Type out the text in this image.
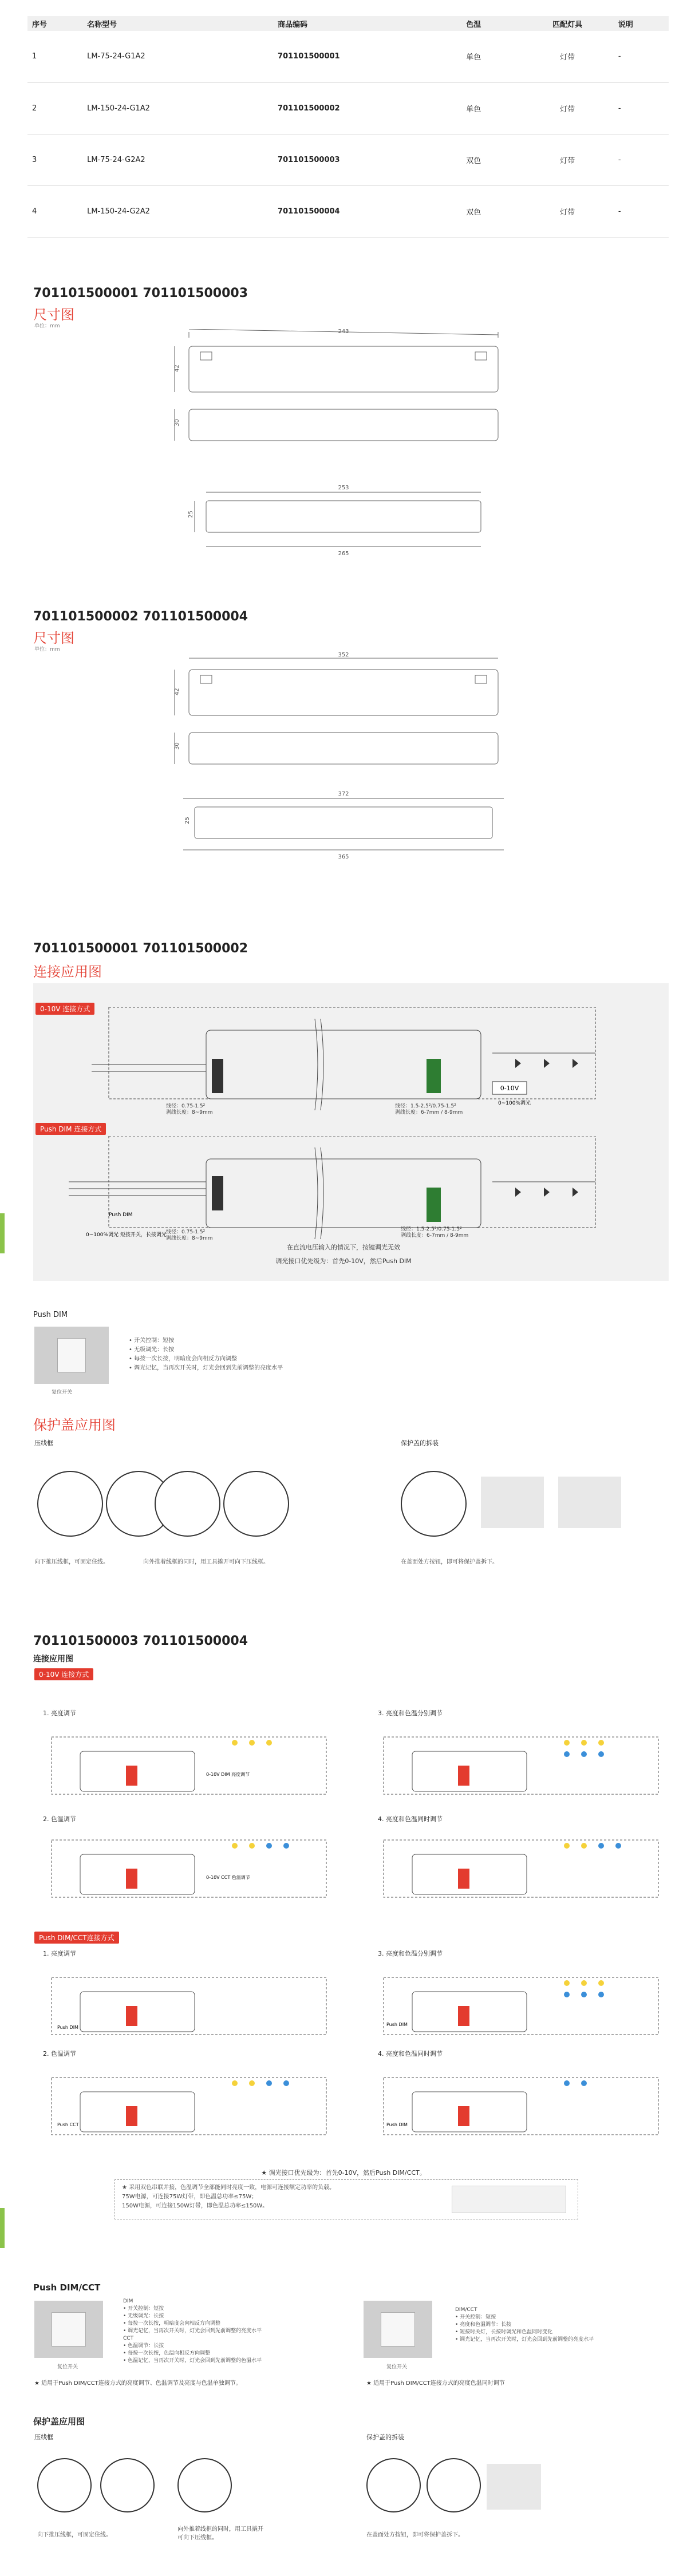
序号	名称型号	商品编码	色温	匹配灯具	说明
1	LM-75-24-G1A2	701101500001	单色	灯带	-
2	LM-150-24-G1A2	701101500002	单色	灯带	-
3	LM-75-24-G2A2	701101500003	双色	灯带	-
4	LM-150-24-G2A2	701101500004	双色	灯带	-
701101500001 701101500003
尺寸图
单位：mm
243
42
30
253
25
265
701101500002 701101500004
尺寸图
单位：mm
352
42
30
372
25
365
701101500001 701101500002
连接应用图
0-10V 连接方式
0-10V
0~100%调光
线径：0.75-1.5²
剥线长度：8~9mm
线径：1.5-2.5²/0.75-1.5²
剥线长度：6-7mm / 8-9mm
Push DIM 连接方式
Push DIM
0~100%调光 短按开关，长按调光 线径：0.75-1.5²
剥线长度：8~9mm
线径：1.5-2.5²/0.75-1.5²
剥线长度：6-7mm / 8-9mm
在直流电压输入的情况下，按键调光无效
调光接口优先级为：首先0-10V，然后Push DIM
Push DIM
复位开关
• 开关控制：短按
• 无级调光：长按
• 每按一次长按，明暗度会向相反方向调整
• 调光记忆，当再次开关时，灯光会回到先前调整的亮度水平
保护盖应用图
压线框	保护盖的拆装
向下推压线框，可固定住线。	向外推着线框的同时，用工具撬开可向下压线框。	在盖面处方按钮，即可将保护盖拆下。
701101500003 701101500004
连接应用图
0-10V 连接方式
1. 亮度调节	3. 亮度和色温分别调节
2. 色温调节	4. 亮度和色温同时调节
0-10V DIM 亮度调节
0-10V CCT 色温调节
Push DIM/CCT连接方式
1. 亮度调节	3. 亮度和色温分别调节
2. 色温调节	4. 亮度和色温同时调节
Push DIM
Push CCT
Push DIM
Push DIM
★ 调光接口优先级为：首先0-10V，然后Push DIM/CCT。
★ 采用双色串联并接，色温调节全部能同时亮度一致，电源可连接额定功率的负载。
75W电源，可连接75W灯带，即色温总功率≤75W；
150W电源，可连接150W灯带，即色温总功率≤150W。
Push DIM/CCT
复位开关
DIM
• 开关控制：短按
• 无级调光：长按
• 每按一次长按，明暗度会向相反方向调整
• 调光记忆，当再次开关时，灯光会回到先前调整的亮度水平
CCT
• 色温调节：长按
• 每按一次长按，色温向相反方向调整
• 色温记忆，当再次开关时，灯光会回到先前调整的色温水平
★ 适用于Push DIM/CCT连接方式的亮度调节、色温调节及亮度与色温单独调节。
复位开关
DIM/CCT
• 开关控制：短按
• 亮度和色温调节：长按
• 短按时关灯，长按时调光和色温同时变化
• 调光记忆，当再次开关时，灯光会回到先前调整的亮度水平
★ 适用于Push DIM/CCT连接方式的亮度色温同时调节
保护盖应用图
压线框	保护盖的拆装
向下推压线框，可固定住线。
向外推着线框的同时，用工具撬开可向下压线框。	在盖面处方按钮，即可将保护盖拆下。
